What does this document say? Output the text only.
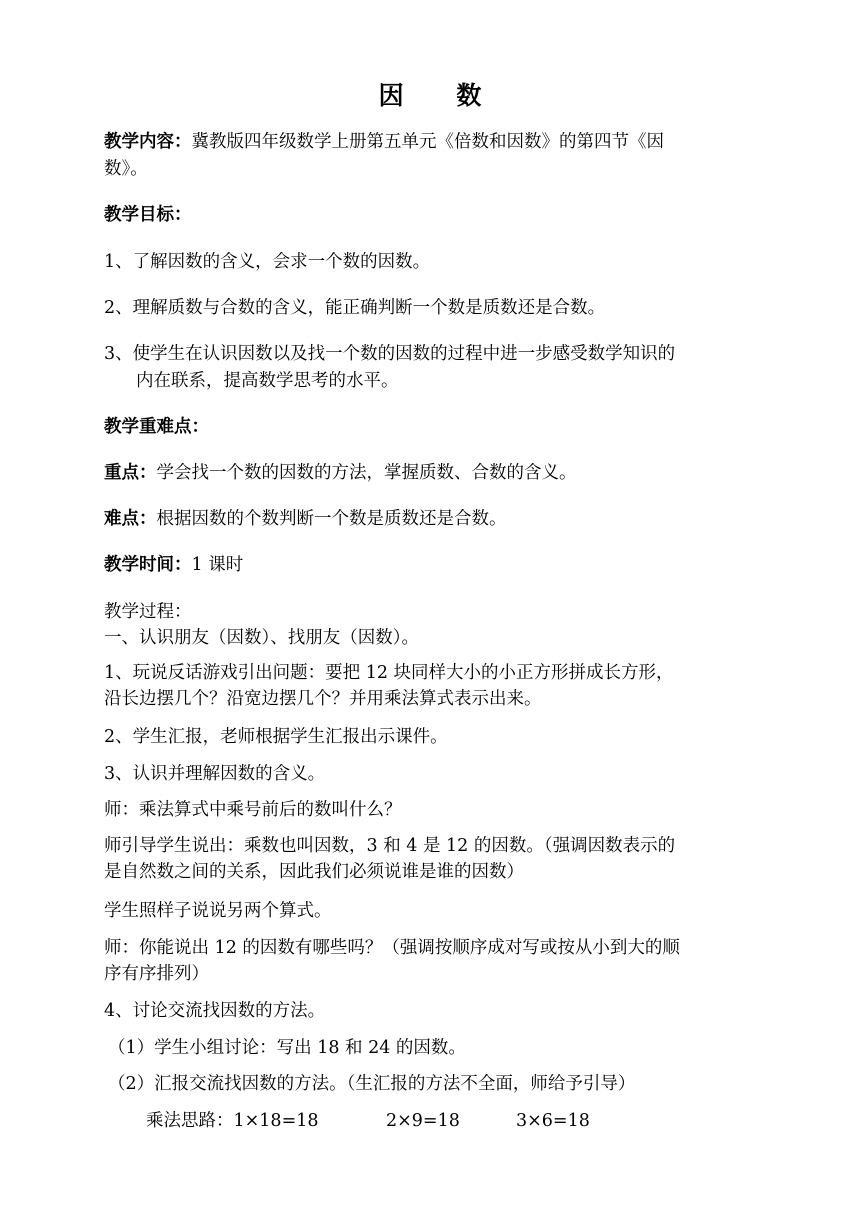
因 数
教学内容：冀教版四年级数学上册第五单元《倍数和因数》的第四节《因
数》。
教学目标：
1、了解因数的含义，会求一个数的因数。
2、理解质数与合数的含义，能正确判断一个数是质数还是合数。
3、使学生在认识因数以及找一个数的因数的过程中进一步感受数学知识的
内在联系，提高数学思考的水平。
教学重难点：
重点：学会找一个数的因数的方法，掌握质数、合数的含义。
难点：根据因数的个数判断一个数是质数还是合数。
教学时间：1 课时
教学过程：
一、认识朋友（因数）、找朋友（因数）。
1、玩说反话游戏引出问题：要把 12 块同样大小的小正方形拼成长方形，
沿长边摆几个？沿宽边摆几个？并用乘法算式表示出来。
2、学生汇报，老师根据学生汇报出示课件。
3、认识并理解因数的含义。
师：乘法算式中乘号前后的数叫什么？
师引导学生说出：乘数也叫因数，3 和 4 是 12 的因数。（强调因数表示的
是自然数之间的关系，因此我们必须说谁是谁的因数）
学生照样子说说另两个算式。
师：你能说出 12 的因数有哪些吗？（强调按顺序成对写或按从小到大的顺
序有序排列）
4、讨论交流找因数的方法。
（1）学生小组讨论：写出 18 和 24 的因数。
（2）汇报交流找因数的方法。（生汇报的方法不全面，师给予引导）
乘法思路：1×18=18	2×9=18	3×6=18
